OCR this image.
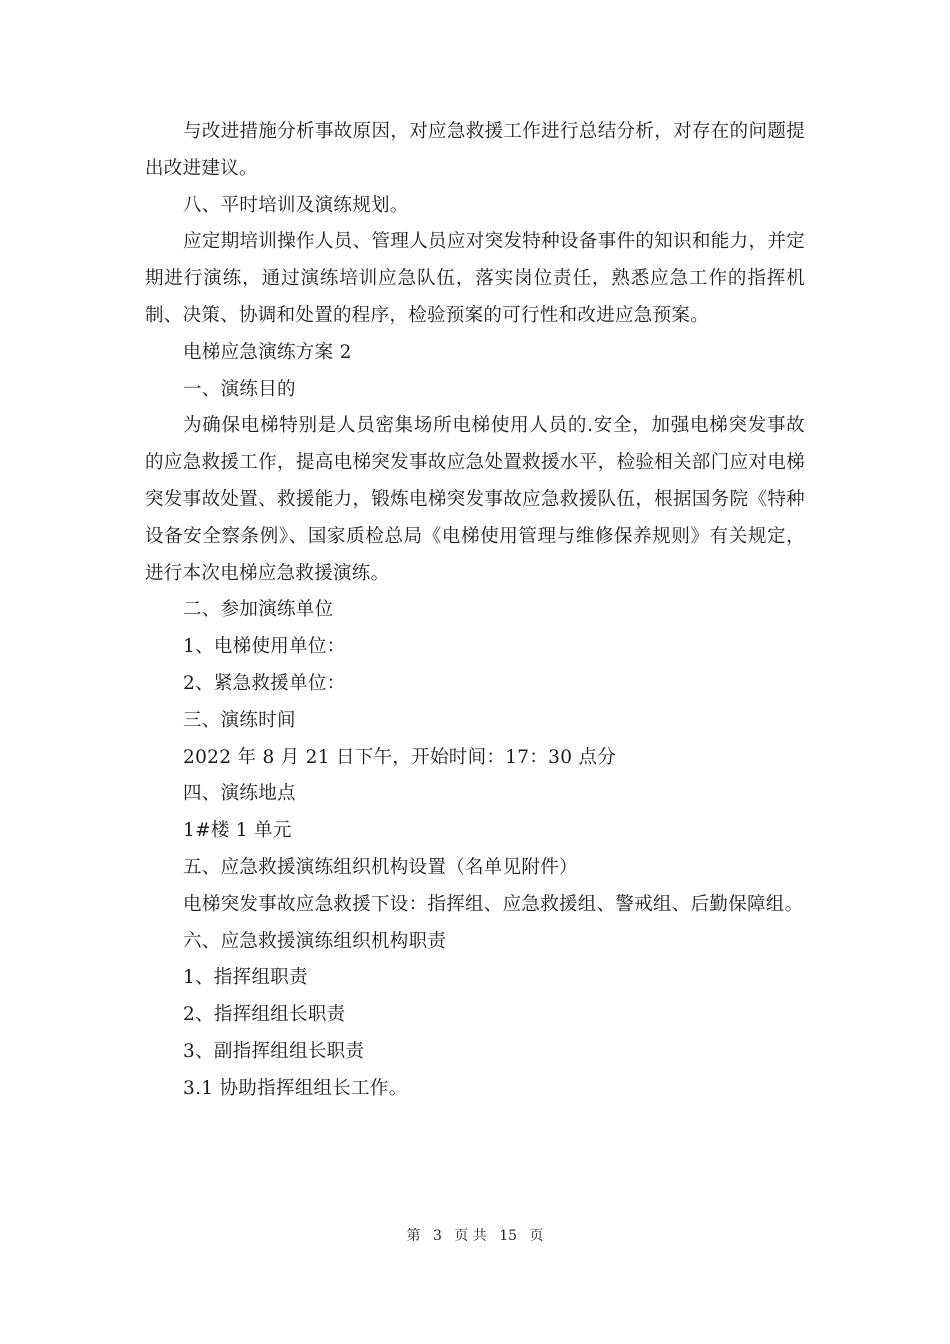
与改进措施分析事故原因，对应急救援工作进行总结分析，对存在的问题提出改进建议。

八、平时培训及演练规划。

应定期培训操作人员、管理人员应对突发特种设备事件的知识和能力，并定期进行演练，通过演练培训应急队伍，落实岗位责任，熟悉应急工作的指挥机制、决策、协调和处置的程序，检验预案的可行性和改进应急预案。

电梯应急演练方案 2

一、演练目的

为确保电梯特别是人员密集场所电梯使用人员的.安全，加强电梯突发事故的应急救援工作，提高电梯突发事故应急处置救援水平，检验相关部门应对电梯突发事故处置、救援能力，锻炼电梯突发事故应急救援队伍，根据国务院《特种设备安全察条例》、国家质检总局《电梯使用管理与维修保养规则》有关规定，进行本次电梯应急救援演练。

二、参加演练单位

1、电梯使用单位：

2、紧急救援单位：

三、演练时间

2022 年 8 月 21 日下午，开始时间：17：30 点分

四、演练地点

1#楼 1 单元

五、应急救援演练组织机构设置（名单见附件）

电梯突发事故应急救援下设：指挥组、应急救援组、警戒组、后勤保障组。

六、应急救援演练组织机构职责

1、指挥组职责

2、指挥组组长职责

3、副指挥组组长职责

3.1 协助指挥组组长工作。

第 3 页 共 15 页
